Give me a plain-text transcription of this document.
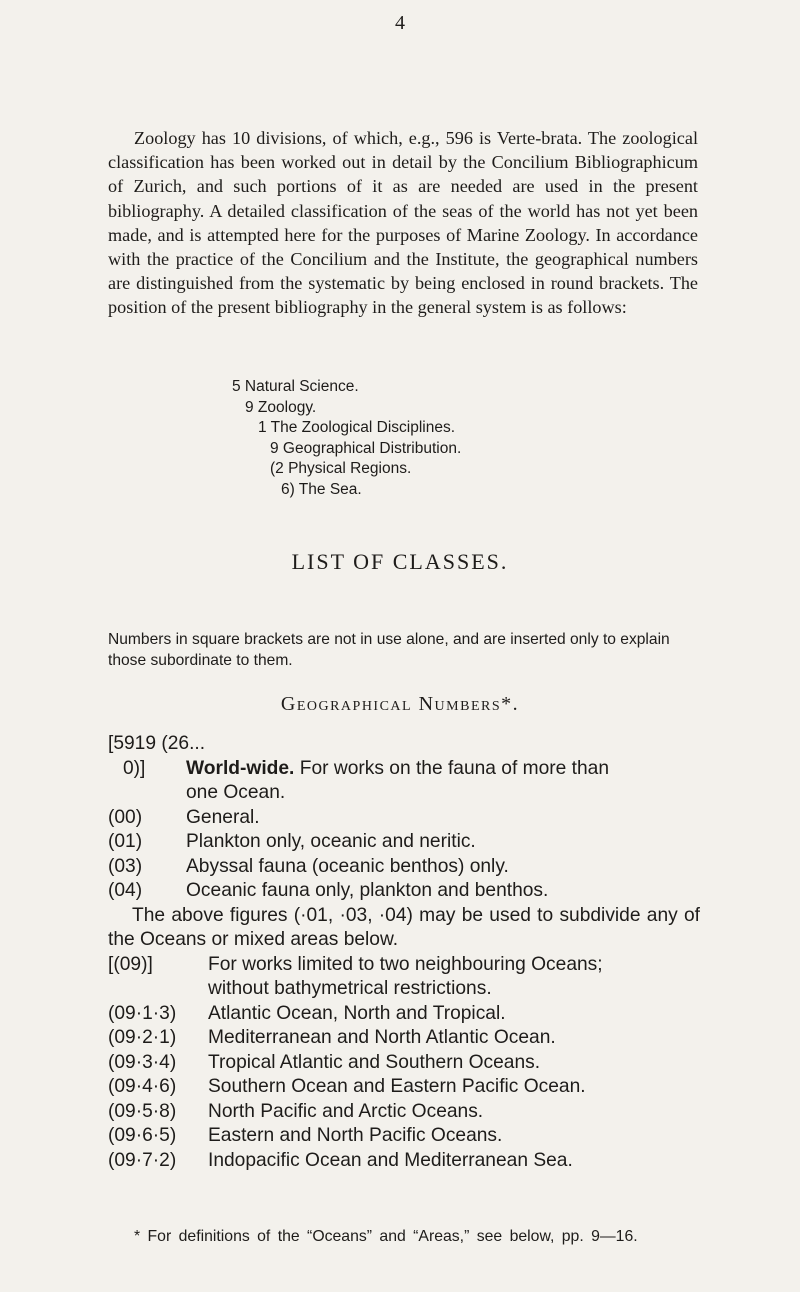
4

Zoology has 10 divisions, of which, e.g., 596 is Verte-brata. The zoological classification has been worked out in detail by the Concilium Bibliographicum of Zurich, and such portions of it as are needed are used in the present bibliography. A detailed classification of the seas of the world has not yet been made, and is attempted here for the purposes of Marine Zoology. In accordance with the practice of the Concilium and the Institute, the geographical numbers are distinguished from the systematic by being enclosed in round brackets. The position of the present bibliography in the general system is as follows:

5 Natural Science.
9 Zoology.
1 The Zoological Disciplines.
9 Geographical Distribution.
(2 Physical Regions.
6) The Sea.
LIST OF CLASSES.
Numbers in square brackets are not in use alone, and are inserted only to explain those subordinate to them.
Geographical Numbers*.
[5919 (26...
0)]	World-wide. For works on the fauna of more than
one Ocean.
(00)	General.
(01)	Plankton only, oceanic and neritic.
(03)	Abyssal fauna (oceanic benthos) only.
(04)	Oceanic fauna only, plankton and benthos.
The above figures (·01, ·03, ·04) may be used to subdivide any of the Oceans or mixed areas below.
[(09)]	For works limited to two neighbouring Oceans;
without bathymetrical restrictions.
(09·1·3)	Atlantic Ocean, North and Tropical.
(09·2·1)	Mediterranean and North Atlantic Ocean.
(09·3·4)	Tropical Atlantic and Southern Oceans.
(09·4·6)	Southern Ocean and Eastern Pacific Ocean.
(09·5·8)	North Pacific and Arctic Oceans.
(09·6·5)	Eastern and North Pacific Oceans.
(09·7·2)	Indopacific Ocean and Mediterranean Sea.
* For definitions of the “Oceans” and “Areas,” see below, pp. 9—16.
